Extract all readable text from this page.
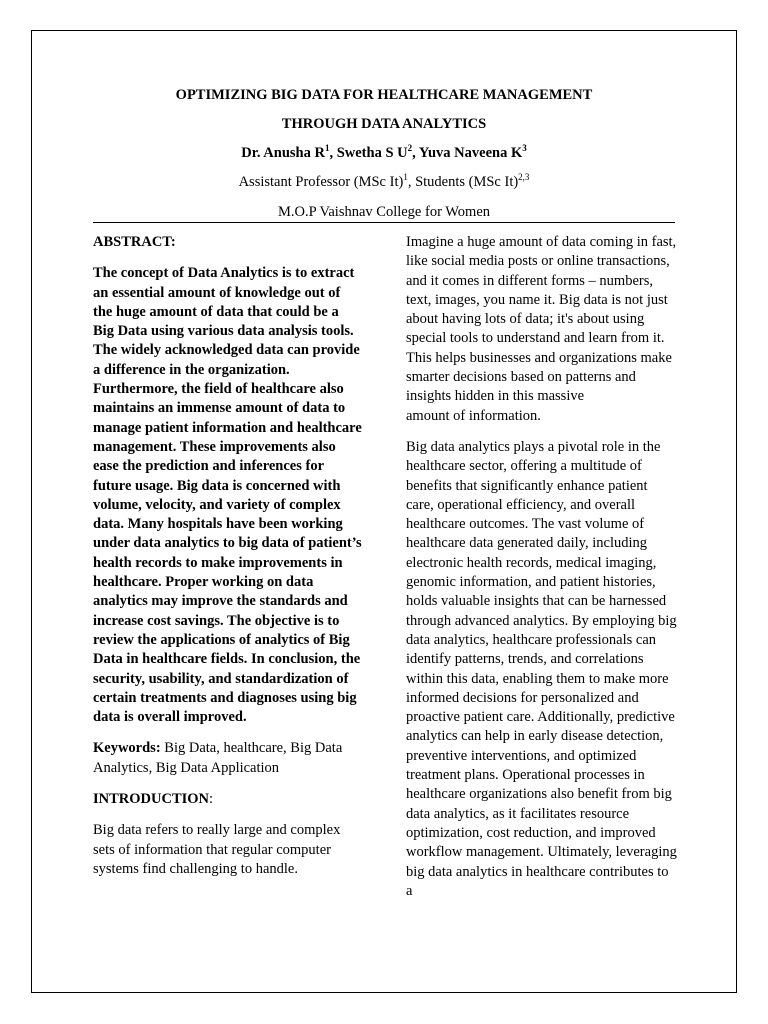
OPTIMIZING BIG DATA FOR HEALTHCARE MANAGEMENT
THROUGH DATA ANALYTICS
Dr. Anusha $R^1$, Swetha S $U^2$, Yuva Naveena $K^3$
Assistant Professor (MSc It)$^1$, Students (MSc It)$^{2,3}$
M.O.P Vaishnav College for Women

ABSTRACT:

The concept of Data Analytics is to extract an essential amount of knowledge out of the huge amount of data that could be a Big Data using various data analysis tools. The widely acknowledged data can provide a difference in the organization. Furthermore, the field of healthcare also maintains an immense amount of data to manage patient information and healthcare management. These improvements also ease the prediction and inferences for future usage. Big data is concerned with volume, velocity, and variety of complex data. Many hospitals have been working under data analytics to big data of patient’s health records to make improvements in healthcare. Proper working on data analytics may improve the standards and increase cost savings. The objective is to review the applications of analytics of Big Data in healthcare fields. In conclusion, the security, usability, and standardization of certain treatments and diagnoses using big data is overall improved.

Keywords: Big Data, healthcare, Big Data Analytics, Big Data Application

INTRODUCTION:

Big data refers to really large and complex sets of information that regular computer systems find challenging to handle.

Imagine a huge amount of data coming in fast, like social media posts or online transactions, and it comes in different forms – numbers, text, images, you name it. Big data is not just about having lots of data; it's about using special tools to understand and learn from it. This helps businesses and organizations make smarter decisions based on patterns and insights hidden in this massive
amount of information.

Big data analytics plays a pivotal role in the healthcare sector, offering a multitude of benefits that significantly enhance patient care, operational efficiency, and overall healthcare outcomes. The vast volume of healthcare data generated daily, including electronic health records, medical imaging, genomic information, and patient histories, holds valuable insights that can be harnessed through advanced analytics. By employing big data analytics, healthcare professionals can identify patterns, trends, and correlations within this data, enabling them to make more informed decisions for personalized and proactive patient care. Additionally, predictive analytics can help in early disease detection, preventive interventions, and optimized treatment plans. Operational processes in healthcare organizations also benefit from big data analytics, as it facilitates resource optimization, cost reduction, and improved workflow management. Ultimately, leveraging big data analytics in healthcare contributes to a
